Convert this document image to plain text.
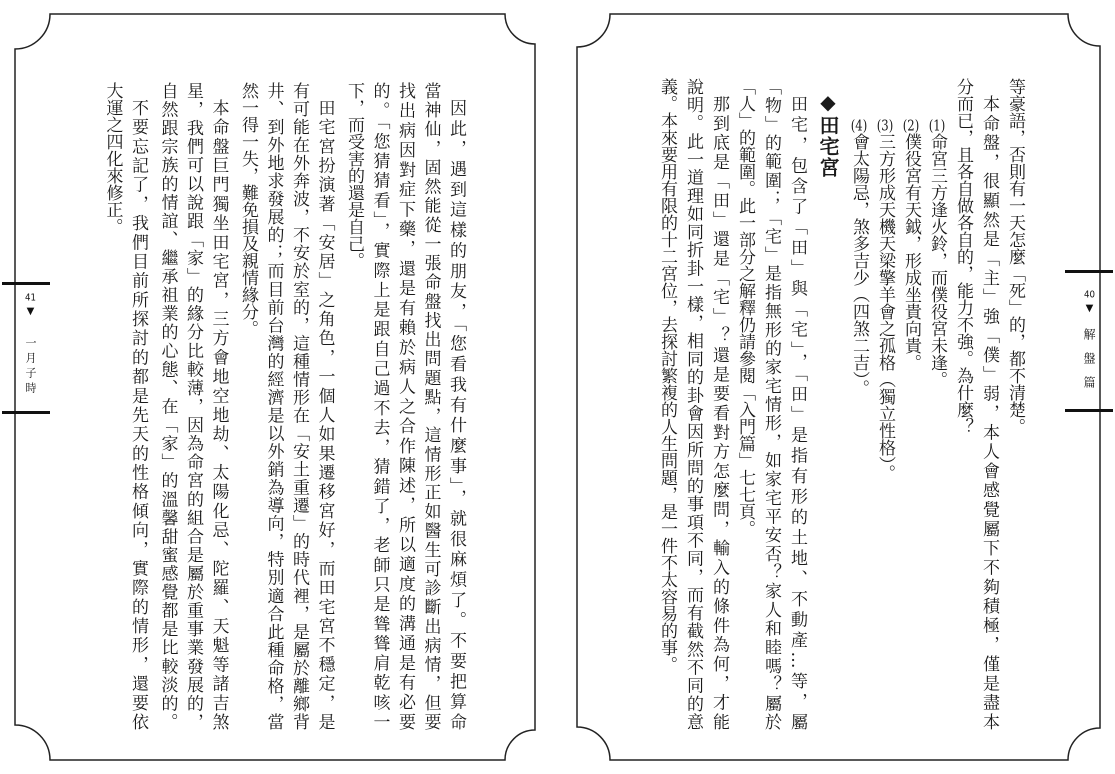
41▼一月子時
40▼解盤篇
因此，遇到這樣的朋友，「您看我有什麼事」，就很麻煩了。不要把算命
當神仙，固然能從一張命盤找出問題點，這情形正如醫生可診斷出病情，但要
找出病因對症下藥，還是有賴於病人之合作陳述，所以適度的溝通是有必要
的。「您猜猜看」，實際上是跟自己過不去，猜錯了，老師只是聳聳肩乾咳一
下，而受害的還是自己。
田宅宮扮演著「安居」之角色，一個人如果遷移宮好，而田宅宮不穩定，是
有可能在外奔波，不安於室的，這種情形在「安土重遷」的時代裡，是屬於離鄉背
井、到外地求發展的；而目前台灣的經濟是以外銷為導向，特別適合此種命格，當
然一得一失，難免損及親情緣分。
本命盤巨門獨坐田宅宮，三方會地空地劫、太陽化忌、陀羅、天魁等諸吉煞
星，我們可以說跟「家」的緣分比較薄，因為命宮的組合是屬於重事業發展的，
自然跟宗族的情誼、繼承祖業的心態、在「家」的溫馨甜蜜感覺都是比較淡的。
不要忘記了，我們目前所探討的都是先天的性格傾向，實際的情形，還要依
大運之四化來修正。	等豪語，否則有一天怎麼「死」的，都不清楚。
本命盤，很顯然是「主」強「僕」弱，本人會感覺屬下不夠積極，僅是盡本
分而已，且各自做各自的，能力不強。為什麼？
(1)命宮三方逢火鈴，而僕役宮未逢。
(2)僕役宮有天鉞，形成坐貴向貴。
(3)三方形成天機天梁擎羊會之孤格（獨立性格）。
(4)會太陽忌，煞多吉少（四煞二吉）。
◆田宅宮
田宅，包含了「田」與「宅」，「田」是指有形的土地、不動產…等，屬
「物」的範圍；「宅」是指無形的家宅情形，如家宅平安否？家人和睦嗎？屬於
「人」的範圍。此一部分之解釋仍請參閱「入門篇」七七頁。
那到底是「田」還是「宅」？還是要看對方怎麼問，輸入的條件為何，才能
說明。此一道理如同折卦一樣，相同的卦會因所問的事項不同，而有截然不同的意
義。本來要用有限的十二宮位，去探討繁複的人生問題，是一件不太容易的事。
